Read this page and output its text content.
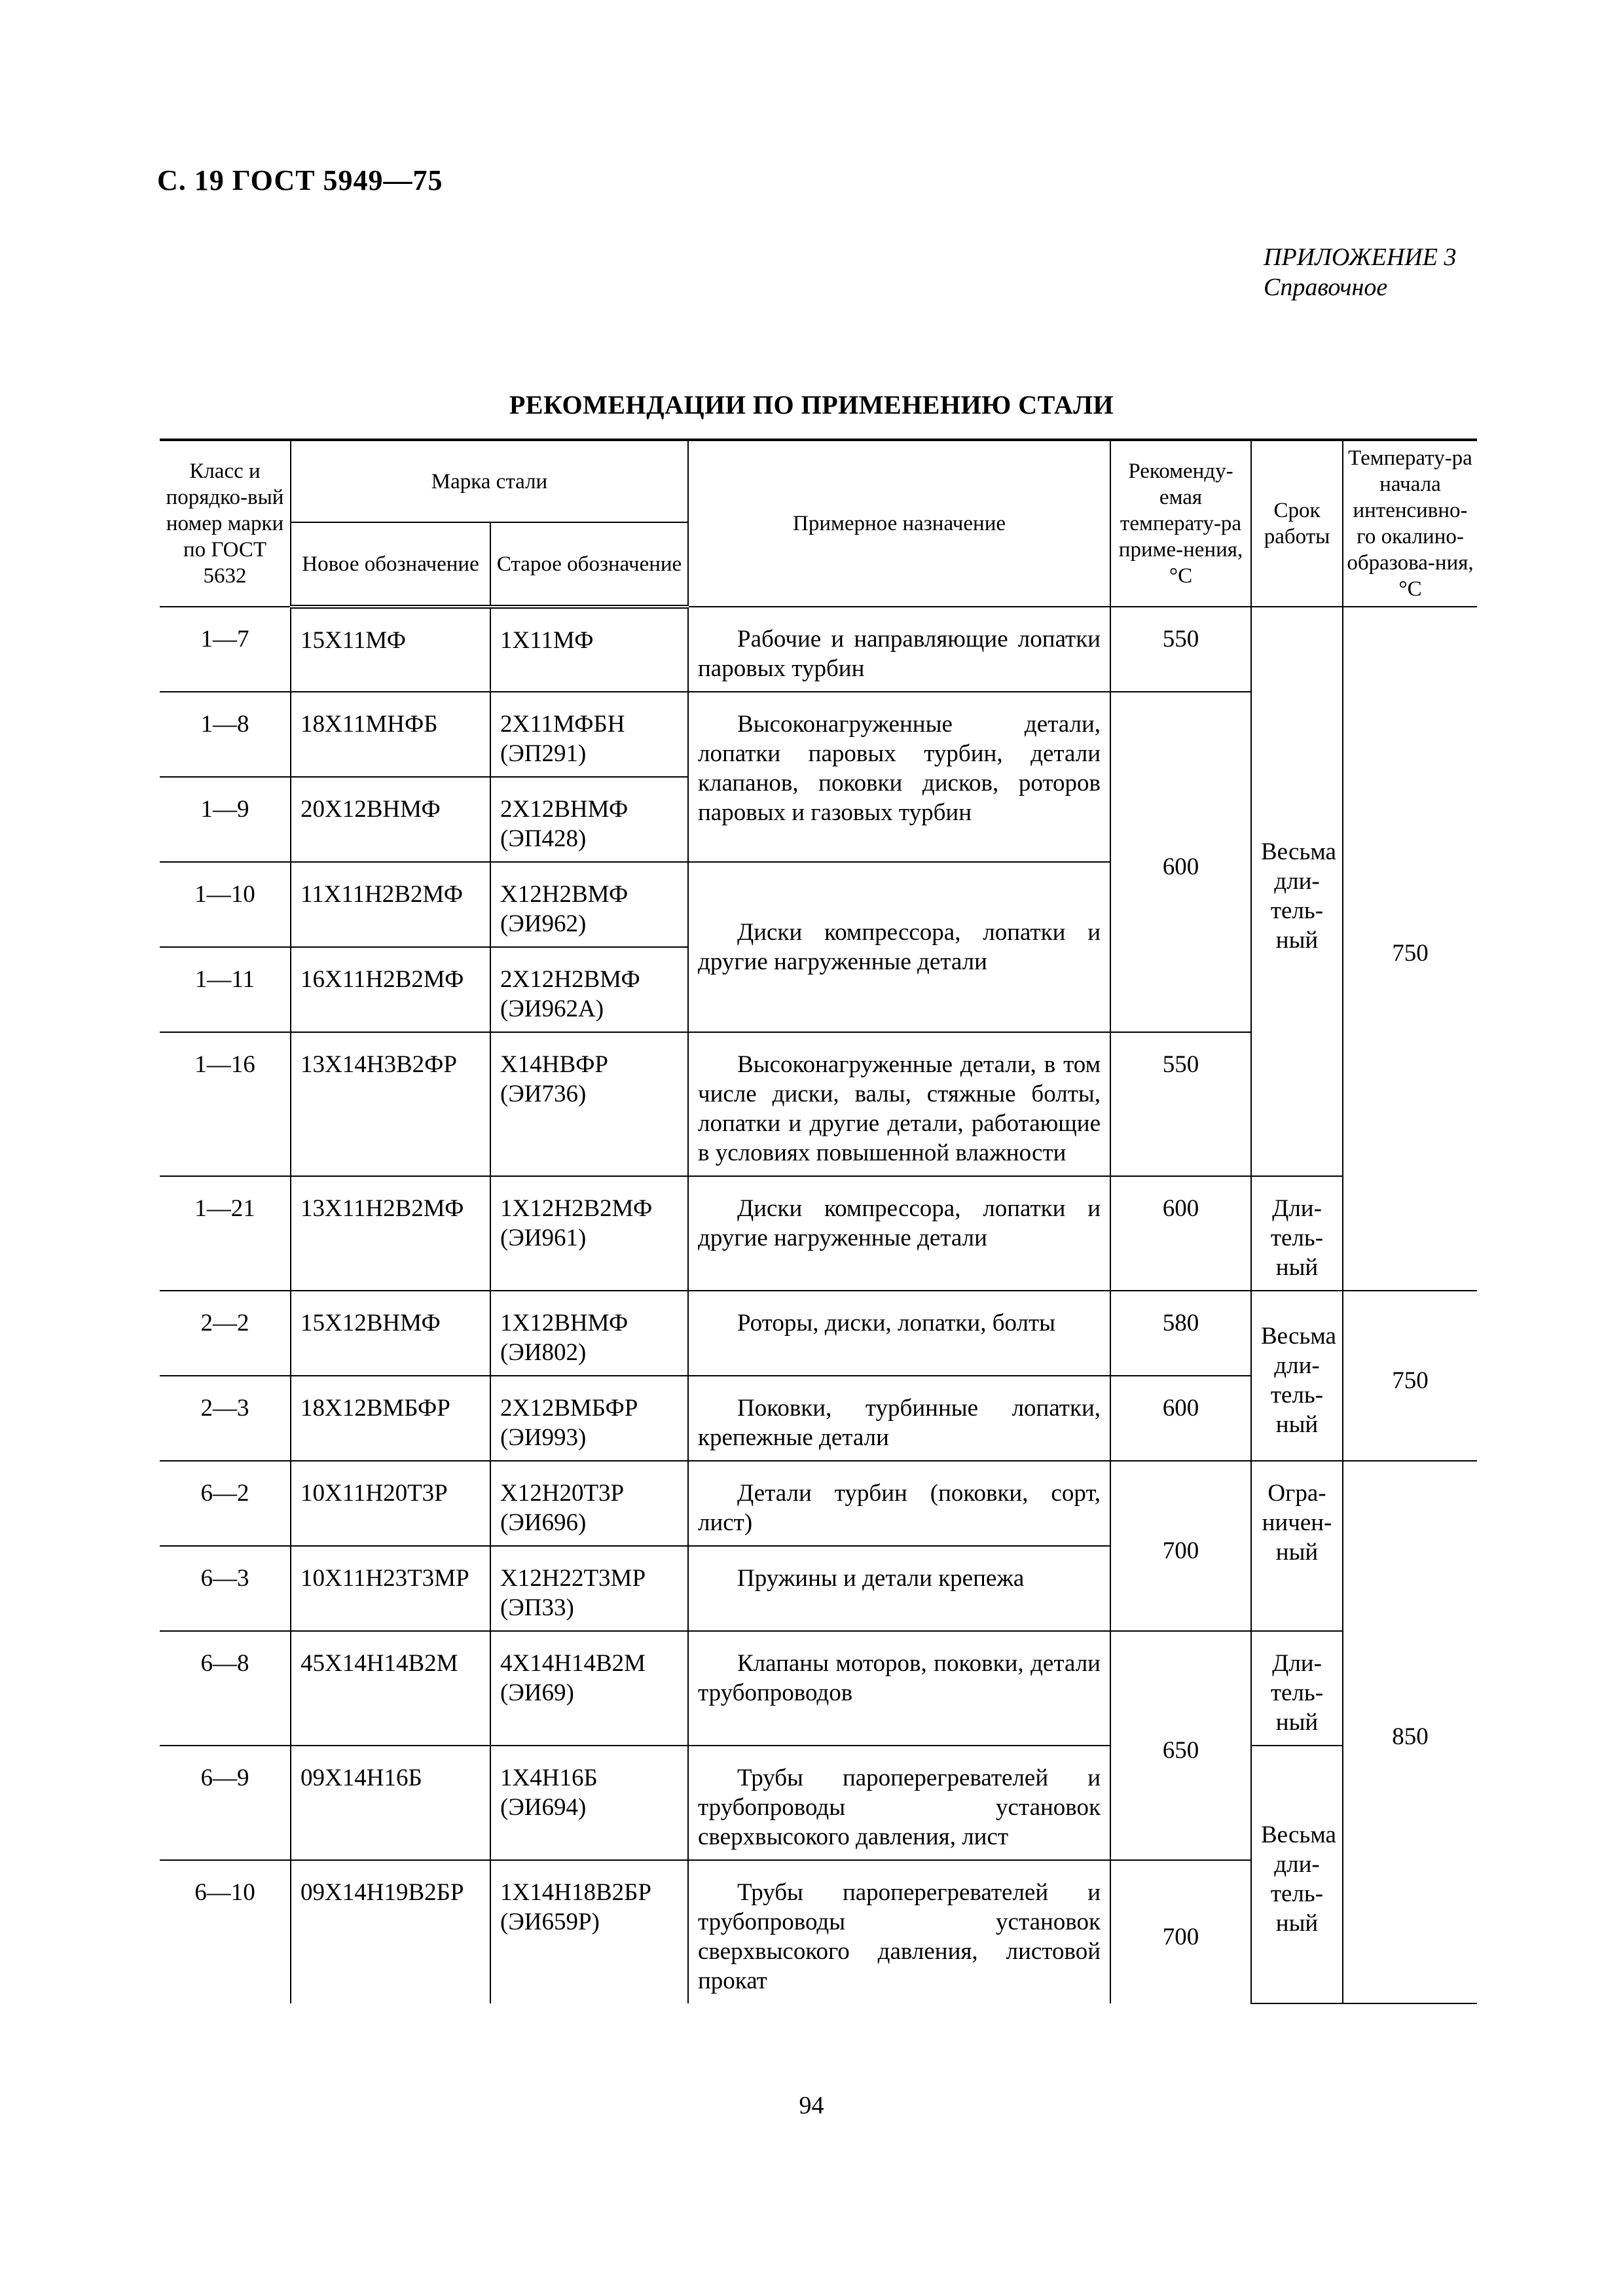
С. 19 ГОСТ 5949—75
ПРИЛОЖЕНИЕ 3
Справочное
РЕКОМЕНДАЦИИ ПО ПРИМЕНЕНИЮ СТАЛИ
Класс и порядко-вый номер марки по ГОСТ 5632	Марка стали		Примерное назначение	Рекоменду-емая температу-ра приме-нения, °С	Срок работы	Температу-ра начала интенсивно-го окалино-образова-ния, °С
	Новое обозначение	Старое обозначение				
1—7	15Х11МФ	1Х11МФ	Рабочие и направляющие лопатки паровых турбин	550	Весьма дли-тель-ный	750
1—8	18Х11МНФБ	2Х11МФБН (ЭП291)	Высоконагруженные детали, лопатки паровых турбин, детали клапанов, поковки дисков, роторов паровых и газовых турбин	600		
1—9	20Х12ВНМФ	2Х12ВНМФ (ЭП428)				
1—10	11Х11Н2В2МФ	Х12Н2ВМФ (ЭИ962)	Диски компрессора, лопатки и другие нагруженные детали			
1—11	16Х11Н2В2МФ	2Х12Н2ВМФ (ЭИ962А)				
1—16	13Х14Н3В2ФР	Х14НВФР (ЭИ736)	Высоконагруженные детали, в том числе диски, валы, стяжные болты, лопатки и другие детали, работающие в условиях повышенной влажности	550		
1—21	13Х11Н2В2МФ	1Х12Н2В2МФ (ЭИ961)	Диски компрессора, лопатки и другие нагруженные детали	600	Дли-тель-ный	
2—2	15Х12ВНМФ	1Х12ВНМФ (ЭИ802)	Роторы, диски, лопатки, болты	580	Весьма дли-тель-ный	750
2—3	18Х12ВМБФР	2Х12ВМБФР (ЭИ993)	Поковки, турбинные лопатки, крепежные детали	600		
6—2	10Х11Н20Т3Р	Х12Н20Т3Р (ЭИ696)	Детали турбин (поковки, сорт, лист)	700	Огра-ничен-ный	850
6—3	10Х11Н23Т3МР	Х12Н22Т3МР (ЭП33)	Пружины и детали крепежа			
6—8	45Х14Н14В2М	4Х14Н14В2М (ЭИ69)	Клапаны моторов, поковки, детали трубопроводов	650	Дли-тель-ный	
6—9	09Х14Н16Б	1Х4Н16Б (ЭИ694)	Трубы пароперегревателей и трубопроводы установок сверхвысокого давления, лист		Весьма дли-тель-ный	
6—10	09Х14Н19В2БР	1Х14Н18В2БР (ЭИ659Р)	Трубы пароперегревателей и трубопроводы установок сверхвысокого давления, листовой прокат	700		
94
